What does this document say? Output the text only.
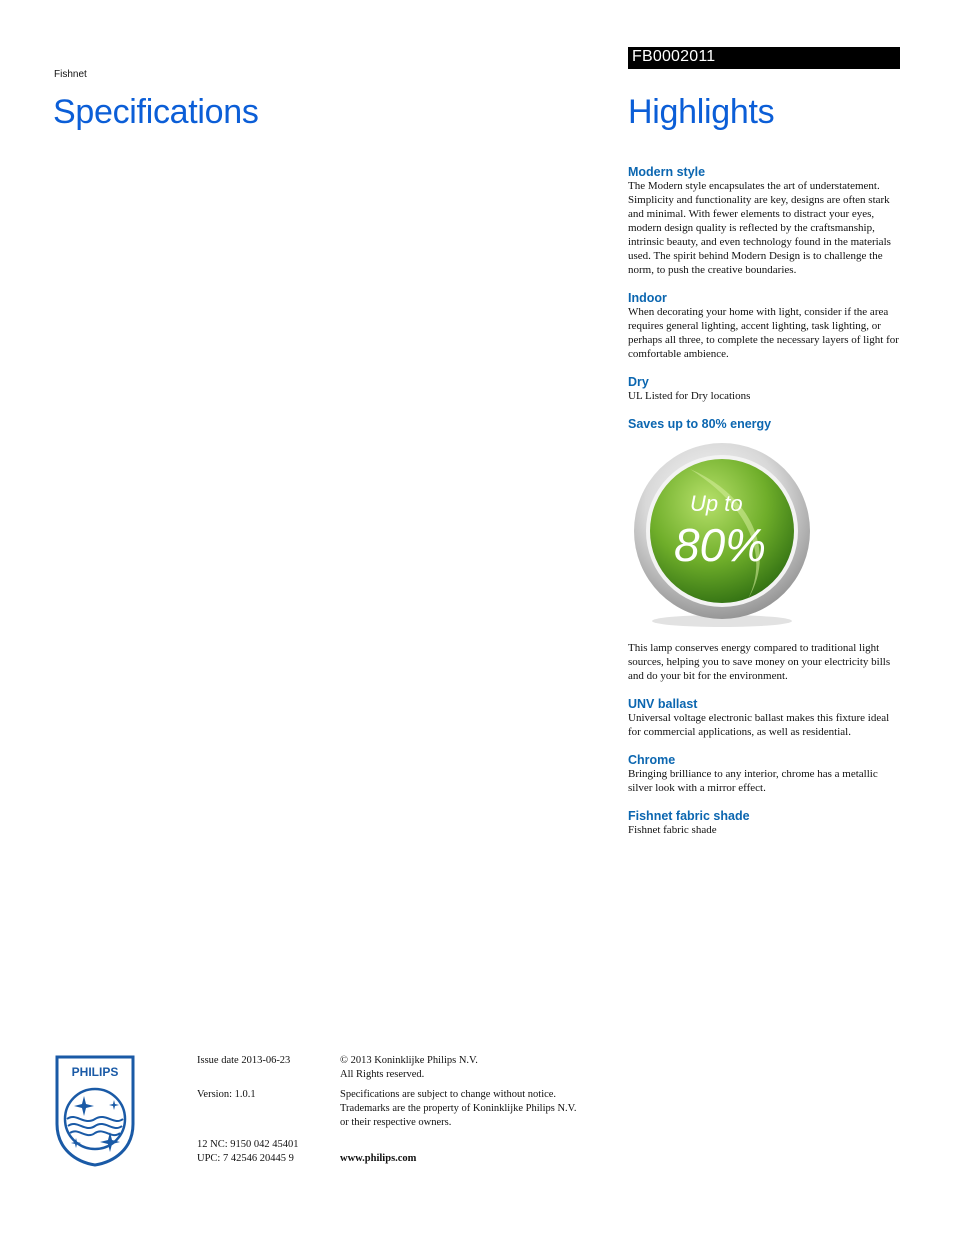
Fishnet
FB0002011
Specifications	Highlights
Modern style
The Modern style encapsulates the art of understatement. Simplicity and functionality are key, designs are often stark and minimal. With fewer elements to distract your eyes, modern design quality is reflected by the craftsmanship, intrinsic beauty, and even technology found in the materials used. The spirit behind Modern Design is to challenge the norm, to push the creative boundaries.
Indoor
When decorating your home with light, consider if the area requires general lighting, accent lighting, task lighting, or perhaps all three, to complete the necessary layers of light for comfortable ambience.
Dry
UL Listed for Dry locations
Saves up to 80% energy
Up to
80%
This lamp conserves energy compared to traditional light sources, helping you to save money on your electricity bills and do your bit for the environment.
UNV ballast
Universal voltage electronic ballast makes this fixture ideal for commercial applications, as well as residential.
Chrome
Bringing brilliance to any interior, chrome has a metallic silver look with a mirror effect.
Fishnet fabric shade
Fishnet fabric shade
PHILIPS
Issue date 2013-06-23
Version: 1.0.1
12 NC: 9150 042 45401
UPC: 7 42546 20445 9
© 2013 Koninklijke Philips N.V.
All Rights reserved.
Specifications are subject to change without notice.
Trademarks are the property of Koninklijke Philips N.V.
or their respective owners.
www.philips.com
